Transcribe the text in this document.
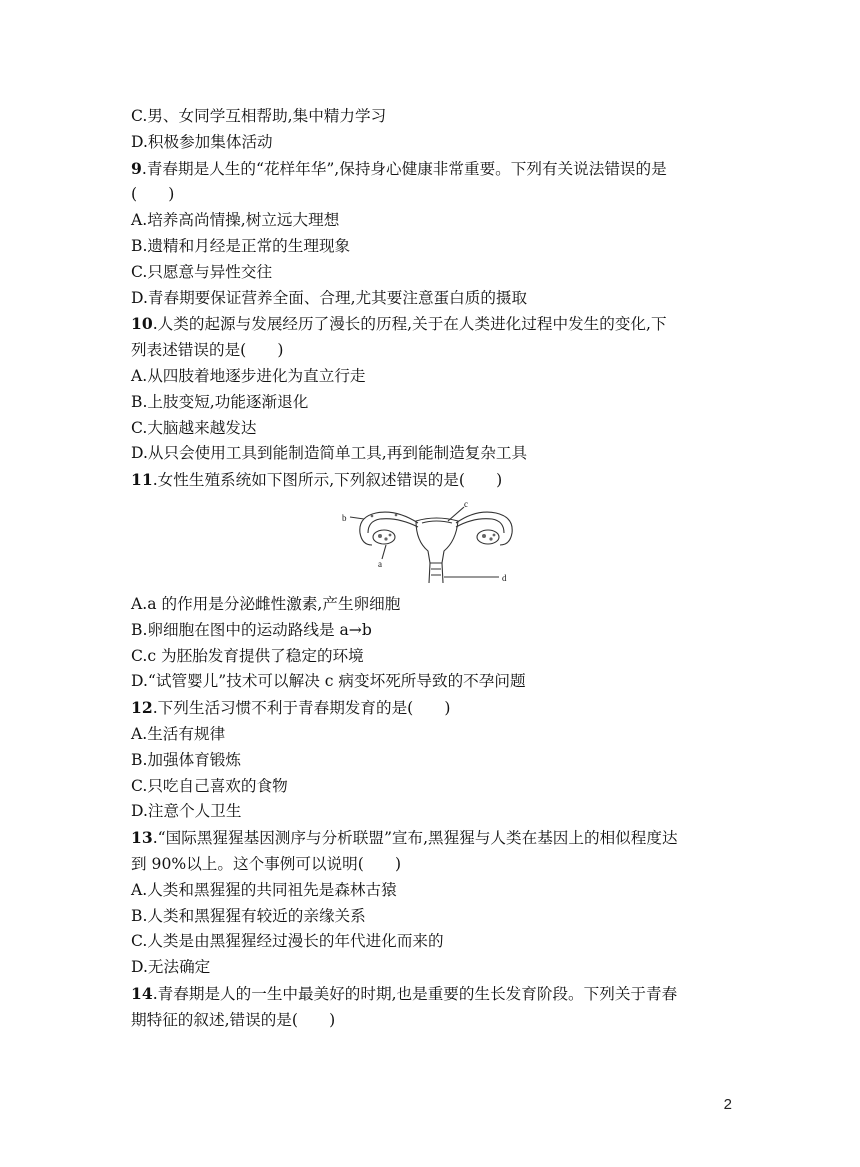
C.男、女同学互相帮助,集中精力学习
D.积极参加集体活动
9.青春期是人生的“花样年华”,保持身心健康非常重要。下列有关说法错误的是
(　　)
A.培养高尚情操,树立远大理想
B.遗精和月经是正常的生理现象
C.只愿意与异性交往
D.青春期要保证营养全面、合理,尤其要注意蛋白质的摄取
10.人类的起源与发展经历了漫长的历程,关于在人类进化过程中发生的变化,下
列表述错误的是(　　)
A.从四肢着地逐步进化为直立行走
B.上肢变短,功能逐渐退化
C.大脑越来越发达
D.从只会使用工具到能制造简单工具,再到能制造复杂工具
11.女性生殖系统如下图所示,下列叙述错误的是(　　)
b
c
a
d
A.a 的作用是分泌雌性激素,产生卵细胞
B.卵细胞在图中的运动路线是 a→b
C.c 为胚胎发育提供了稳定的环境
D.“试管婴儿”技术可以解决 c 病变坏死所导致的不孕问题
12.下列生活习惯不利于青春期发育的是(　　)
A.生活有规律
B.加强体育锻炼
C.只吃自己喜欢的食物
D.注意个人卫生
13.“国际黑猩猩基因测序与分析联盟”宣布,黑猩猩与人类在基因上的相似程度达
到 90%以上。这个事例可以说明(　　)
A.人类和黑猩猩的共同祖先是森林古猿
B.人类和黑猩猩有较近的亲缘关系
C.人类是由黑猩猩经过漫长的年代进化而来的
D.无法确定
14.青春期是人的一生中最美好的时期,也是重要的生长发育阶段。下列关于青春
期特征的叙述,错误的是(　　)
2
